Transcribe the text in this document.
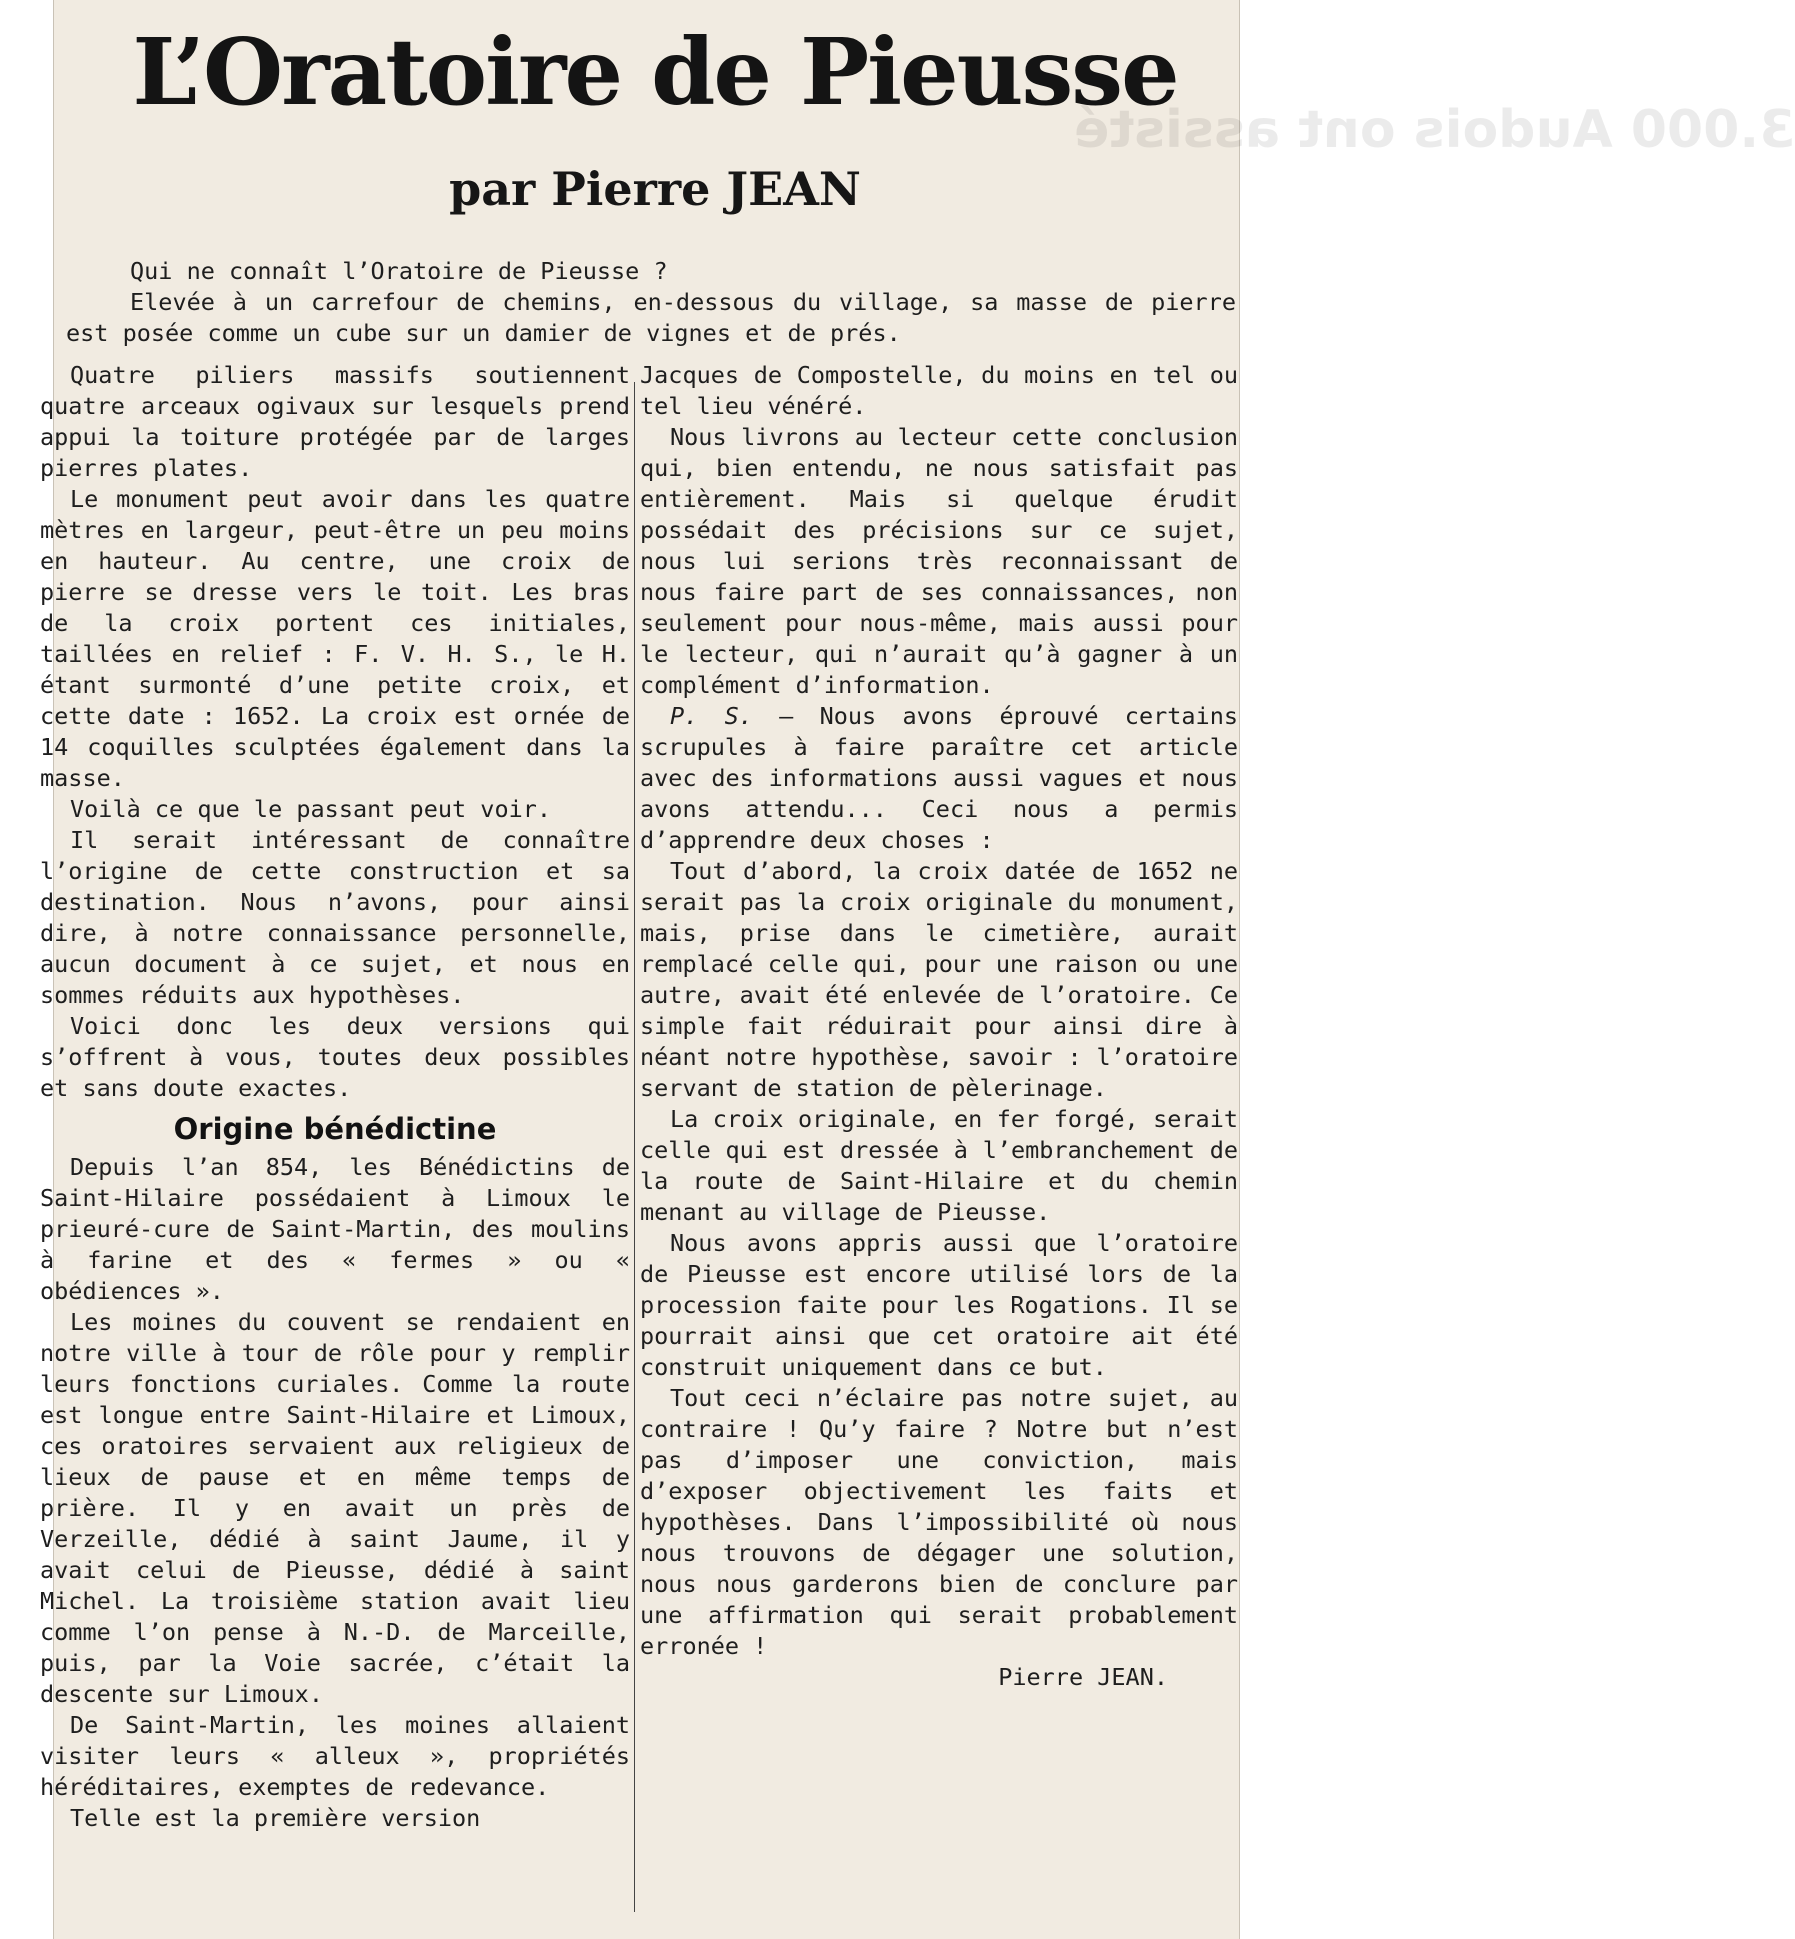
3.000 Audois ont assisté
L’Oratoire de Pieusse
par Pierre JEAN

Qui ne connaît l’Oratoire de Pieusse ?

Elevée à un carrefour de chemins, en-dessous du village, sa masse de pierre est posée comme un cube sur un damier de vignes et de prés.

Quatre piliers massifs soutiennent quatre arceaux ogivaux sur lesquels prend appui la toiture protégée par de larges pierres plates.

Le monument peut avoir dans les quatre mètres en largeur, peut-être un peu moins en hauteur. Au centre, une croix de pierre se dresse vers le toit. Les bras de la croix portent ces initiales, taillées en relief : F. V. H. S., le H. étant surmonté d’une petite croix, et cette date : 1652. La croix est ornée de 14 coquilles sculptées également dans la masse.

Voilà ce que le passant peut voir.

Il serait intéressant de connaître l’origine de cette construction et sa destination. Nous n’avons, pour ainsi dire, à notre connaissance personnelle, aucun document à ce sujet, et nous en sommes réduits aux hypothèses.

Voici donc les deux versions qui s’offrent à vous, toutes deux possibles et sans doute exactes.

Origine bénédictine

Depuis l’an 854, les Bénédictins de Saint-Hilaire possédaient à Limoux le prieuré-cure de Saint-Martin, des moulins à farine et des « fermes » ou « obédiences ».

Les moines du couvent se rendaient en notre ville à tour de rôle pour y remplir leurs fonctions curiales. Comme la route est longue entre Saint-Hilaire et Limoux, ces oratoires servaient aux religieux de lieux de pause et en même temps de prière. Il y en avait un près de Verzeille, dédié à saint Jaume, il y avait celui de Pieusse, dédié à saint Michel. La troisième station avait lieu comme l’on pense à N.-D. de Marceille, puis, par la Voie sacrée, c’était la descente sur Limoux.

De Saint-Martin, les moines allaient visiter leurs « alleux », propriétés héréditaires, exemptes de redevance.

Telle est la première version

Jacques de Compostelle, du moins en tel ou tel lieu vénéré.

Nous livrons au lecteur cette conclusion qui, bien entendu, ne nous satisfait pas entièrement. Mais si quelque érudit possédait des précisions sur ce sujet, nous lui serions très reconnaissant de nous faire part de ses connaissances, non seulement pour nous-même, mais aussi pour le lecteur, qui n’aurait qu’à gagner à un complément d’information.

P. S. — Nous avons éprouvé certains scrupules à faire paraître cet article avec des informations aussi vagues et nous avons attendu... Ceci nous a permis d’apprendre deux choses :

Tout d’abord, la croix datée de 1652 ne serait pas la croix originale du monument, mais, prise dans le cimetière, aurait remplacé celle qui, pour une raison ou une autre, avait été enlevée de l’oratoire. Ce simple fait réduirait pour ainsi dire à néant notre hypothèse, savoir : l’oratoire servant de station de pèlerinage.

La croix originale, en fer forgé, serait celle qui est dressée à l’embranchement de la route de Saint-Hilaire et du chemin menant au village de Pieusse.

Nous avons appris aussi que l’oratoire de Pieusse est encore utilisé lors de la procession faite pour les Rogations. Il se pourrait ainsi que cet oratoire ait été construit uniquement dans ce but.

Tout ceci n’éclaire pas notre sujet, au contraire ! Qu’y faire ? Notre but n’est pas d’imposer une conviction, mais d’exposer objectivement les faits et hypothèses. Dans l’impossibilité où nous nous trouvons de dégager une solution, nous nous garderons bien de conclure par une affirmation qui serait probablement erronée !

Pierre JEAN.
